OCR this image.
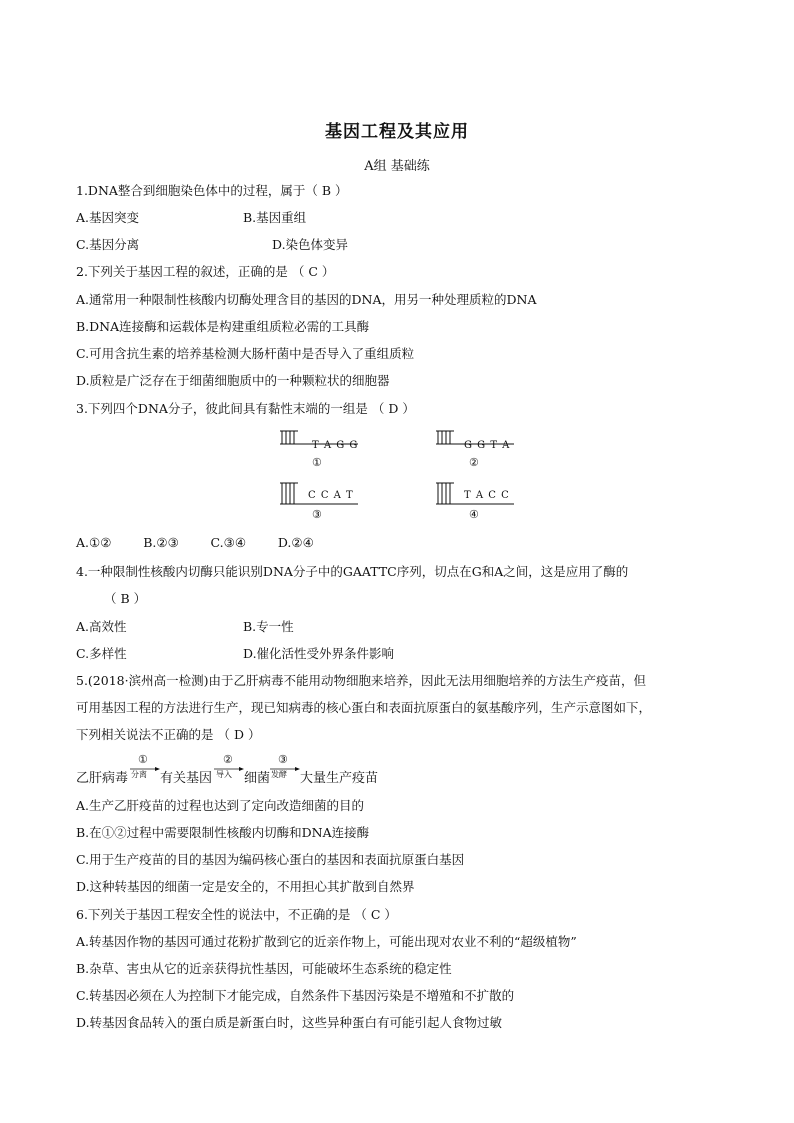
基因工程及其应用
A组 基础练
1.DNA整合到细胞染色体中的过程，属于（ B ）
A.基因突变	B.基因重组
C.基因分离	D.染色体变异
2.下列关于基因工程的叙述，正确的是 （ C ）
A.通常用一种限制性核酸内切酶处理含目的基因的DNA，用另一种处理质粒的DNA
B.DNA连接酶和运载体是构建重组质粒必需的工具酶
C.可用含抗生素的培养基检测大肠杆菌中是否导入了重组质粒
D.质粒是广泛存在于细菌细胞质中的一种颗粒状的细胞器
3.下列四个DNA分子，彼此间具有黏性末端的一组是 （ D ）
T A G G
①
G G T A
②
C C A T
③
T A C C
④
A.①②        B.②③        C.③④        D.②④
4.一种限制性核酸内切酶只能识别DNA分子中的GAATTC序列，切点在G和A之间，这是应用了酶的
（ B ）
A.高效性	B.专一性
C.多样性	D.催化活性受外界条件影响
5.(2018·滨州高一检测)由于乙肝病毒不能用动物细胞来培养，因此无法用细胞培养的方法生产疫苗，但
可用基因工程的方法进行生产，现已知病毒的核心蛋白和表面抗原蛋白的氨基酸序列，生产示意图如下，
下列相关说法不正确的是 （ D ）
乙肝病毒
①
分离 有关基因
②
导入 细菌
③
发酵 大量生产疫苗
A.生产乙肝疫苗的过程也达到了定向改造细菌的目的
B.在①②过程中需要限制性核酸内切酶和DNA连接酶
C.用于生产疫苗的目的基因为编码核心蛋白的基因和表面抗原蛋白基因
D.这种转基因的细菌一定是安全的，不用担心其扩散到自然界
6.下列关于基因工程安全性的说法中，不正确的是 （ C ）
A.转基因作物的基因可通过花粉扩散到它的近亲作物上，可能出现对农业不利的“超级植物”
B.杂草、害虫从它的近亲获得抗性基因，可能破坏生态系统的稳定性
C.转基因必须在人为控制下才能完成，自然条件下基因污染是不增殖和不扩散的
D.转基因食品转入的蛋白质是新蛋白时，这些异种蛋白有可能引起人食物过敏
